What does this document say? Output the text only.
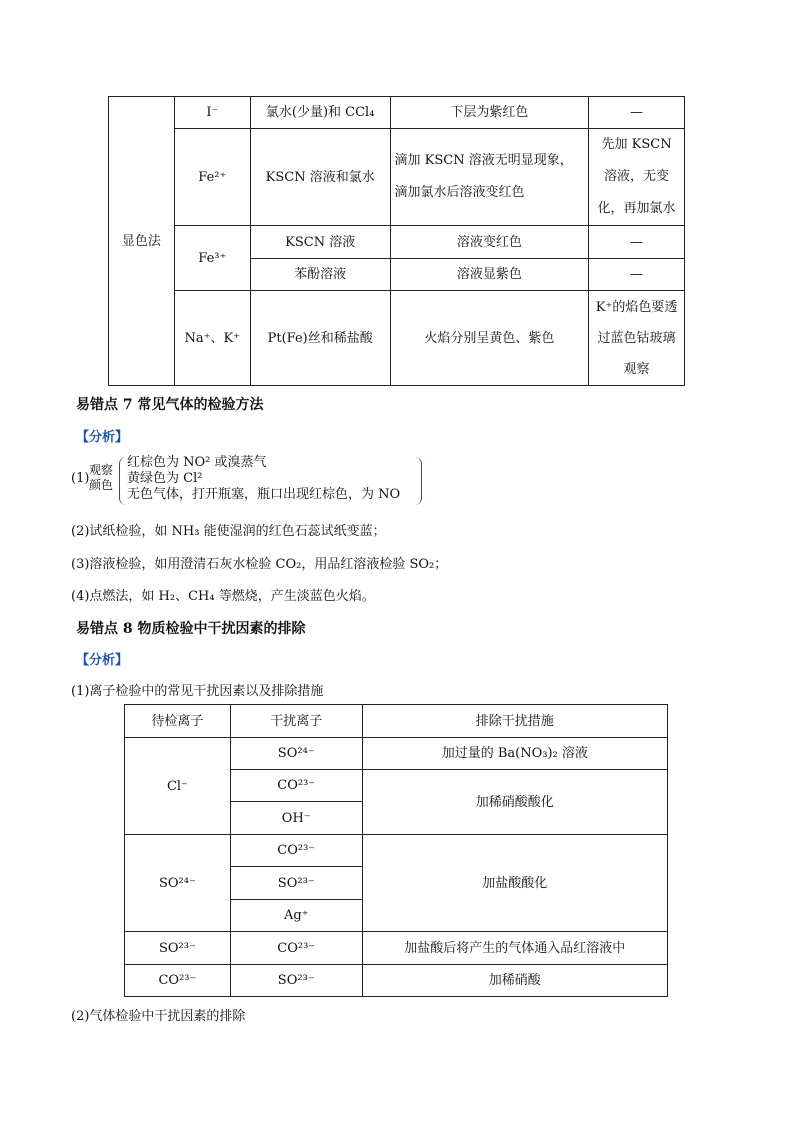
显色法	I⁻	氯水(少量)和 CCl₄	下层为紫红色	—
	Fe²⁺	KSCN 溶液和氯水	滴加 KSCN 溶液无明显现象，滴加氯水后溶液变红色	先加 KSCN 溶液，无变化，再加氯水
	Fe³⁺	KSCN 溶液	溶液变红色	—
		苯酚溶液	溶液显紫色	—
	Na⁺、K⁺	Pt(Fe)丝和稀盐酸	火焰分别呈黄色、紫色	K⁺的焰色要透过蓝色钴玻璃观察
易错点 7 常见气体的检验方法
【分析】
(1)
观察颜色
红棕色为 NO² 或溴蒸气
黄绿色为 Cl²
无色气体，打开瓶塞，瓶口出现红棕色，为 NO
(2)试纸检验，如 NH₃ 能使湿润的红色石蕊试纸变蓝；
(3)溶液检验，如用澄清石灰水检验 CO₂，用品红溶液检验 SO₂；
(4)点燃法，如 H₂、CH₄ 等燃烧，产生淡蓝色火焰。
易错点 8 物质检验中干扰因素的排除
【分析】
(1)离子检验中的常见干扰因素以及排除措施
待检离子	干扰离子	排除干扰措施
Cl⁻	SO²⁴⁻	加过量的 Ba(NO₃)₂ 溶液
	CO²³⁻	加稀硝酸酸化
	OH⁻	
SO²⁴⁻	CO²³⁻	加盐酸酸化
	SO²³⁻	
	Ag⁺	
SO²³⁻	CO²³⁻	加盐酸后将产生的气体通入品红溶液中
CO²³⁻	SO²³⁻	加稀硝酸
(2)气体检验中干扰因素的排除
